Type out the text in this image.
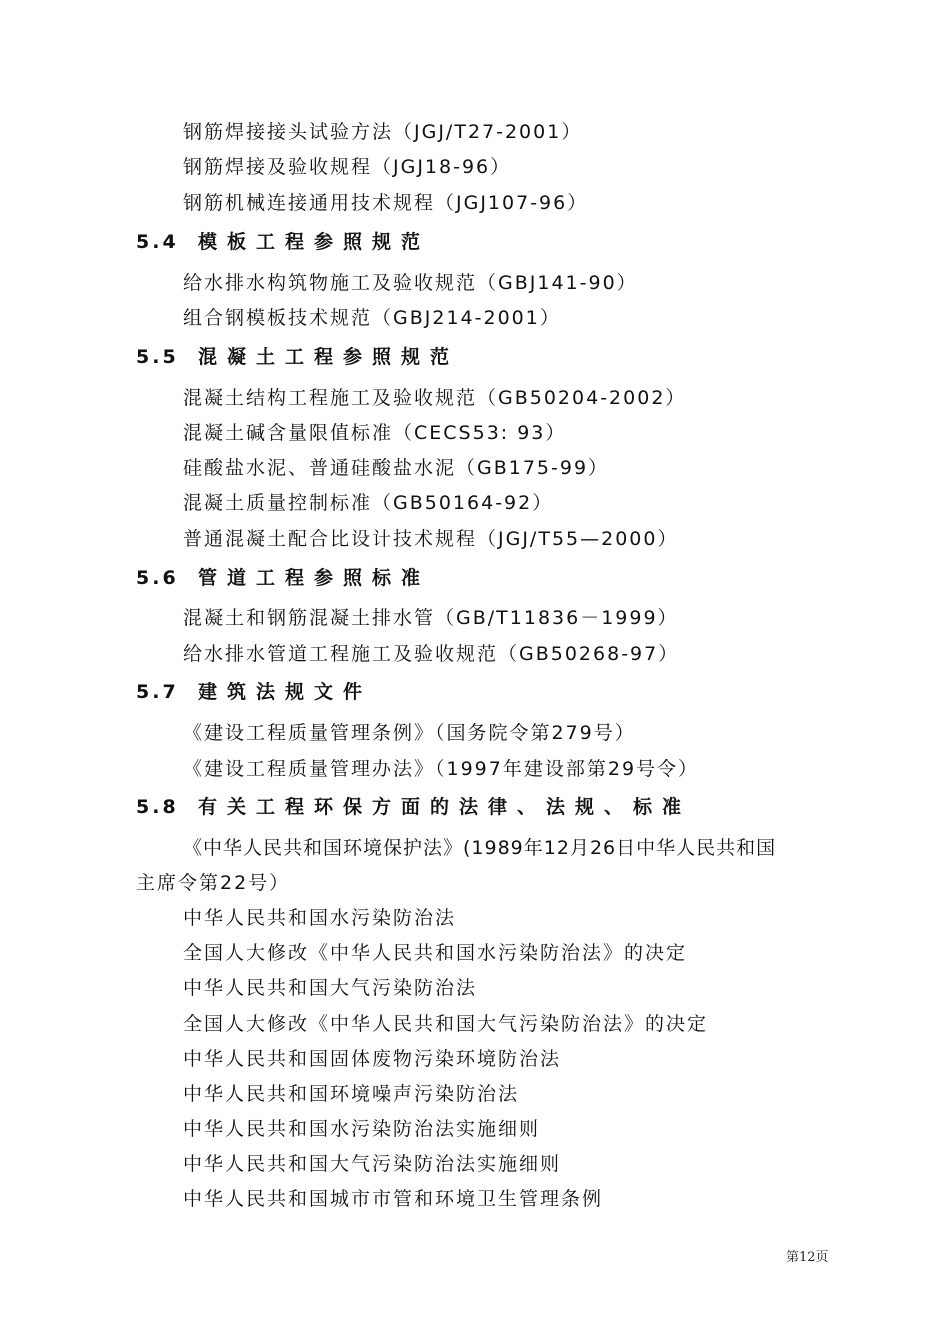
钢筋焊接接头试验方法（JGJ/T27-2001）
钢筋焊接及验收规程（JGJ18-96）
钢筋机械连接通用技术规程（JGJ107-96）
5.4 模板工程参照规范
给水排水构筑物施工及验收规范（GBJ141-90）
组合钢模板技术规范（GBJ214-2001）
5.5 混凝土工程参照规范
混凝土结构工程施工及验收规范（GB50204-2002）
混凝土碱含量限值标准（CECS53: 93）
硅酸盐水泥、普通硅酸盐水泥（GB175-99）
混凝土质量控制标准（GB50164-92）
普通混凝土配合比设计技术规程（JGJ/T55—2000）
5.6 管道工程参照标准
混凝土和钢筋混凝土排水管（GB/T11836－1999）
给水排水管道工程施工及验收规范（GB50268-97）
5.7 建筑法规文件
《建设工程质量管理条例》（国务院令第279号）
《建设工程质量管理办法》（1997年建设部第29号令）
5.8 有关工程环保方面的法律、法规、标准
《中华人民共和国环境保护法》(1989年12月26日中华人民共和国
主席令第22号）
中华人民共和国水污染防治法
全国人大修改《中华人民共和国水污染防治法》的决定
中华人民共和国大气污染防治法
全国人大修改《中华人民共和国大气污染防治法》的决定
中华人民共和国固体废物污染环境防治法
中华人民共和国环境噪声污染防治法
中华人民共和国水污染防治法实施细则
中华人民共和国大气污染防治法实施细则
中华人民共和国城市市管和环境卫生管理条例
第12页
